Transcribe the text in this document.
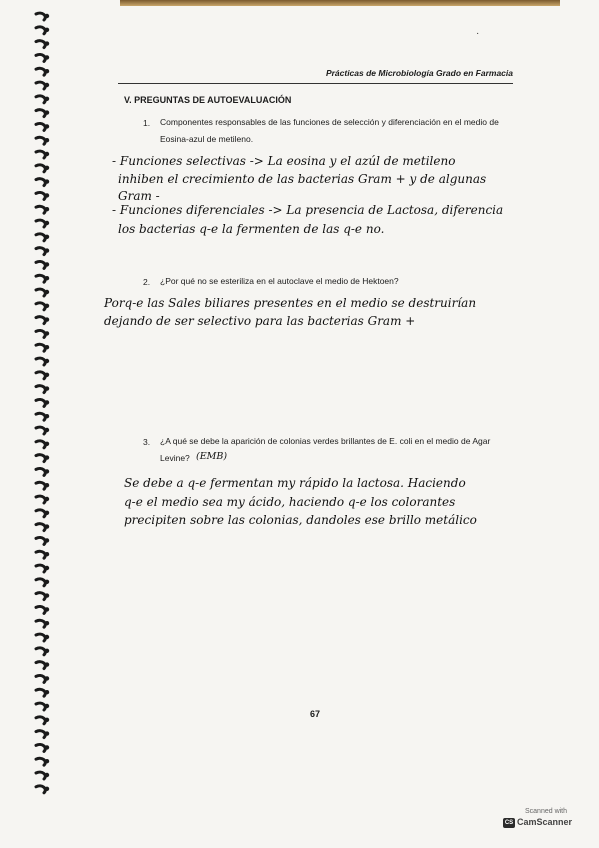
Prácticas de Microbiología Grado en Farmacia
V. PREGUNTAS DE AUTOEVALUACIÓN
1. Componentes responsables de las funciones de selección y diferenciación en el medio de
Eosina-azul de metileno.
- Funciones selectivas -> La eosina y el azúl de metileno
inhiben el crecimiento de las bacterias Gram + y de algunas
Gram -
- Funciones diferenciales -> La presencia de Lactosa, diferencia
los bacterias q-e la fermenten de las q-e no.
2. ¿Por qué no se esteriliza en el autoclave el medio de Hektoen?
Porq-e las Sales biliares presentes en el medio se destruirían
dejando de ser selectivo para las bacterias Gram +
3. ¿A qué se debe la aparición de colonias verdes brillantes de E. coli en el medio de Agar
Levine? (EMB)
Se debe a q-e fermentan my rápido la lactosa. Haciendo
q-e el medio sea my ácido, haciendo q-e los colorantes
precipiten sobre las colonias, dandoles ese brillo metálico
·
67
Scanned with
CS CamScanner
